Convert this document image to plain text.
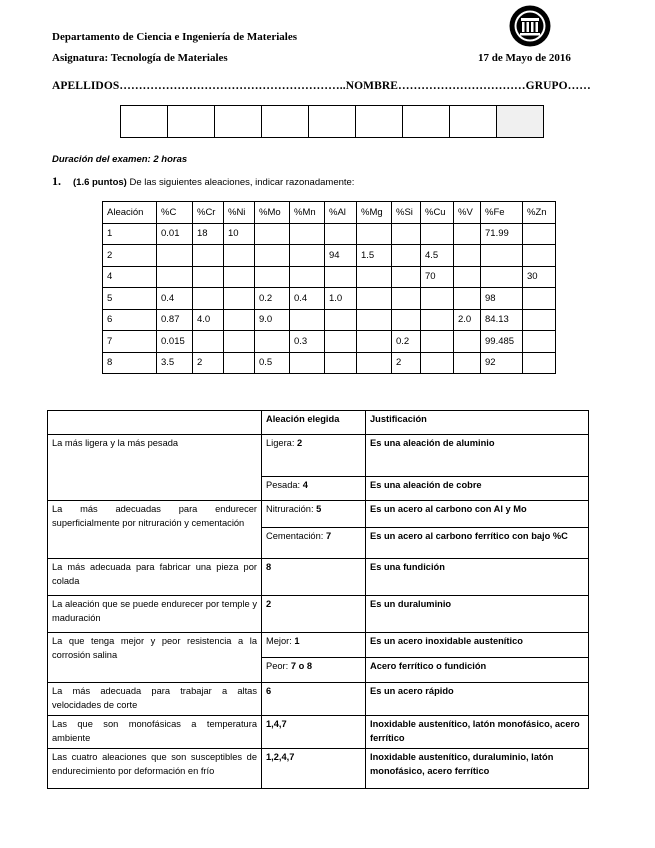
Departamento de Ciencia e Ingeniería de Materiales
Asignatura: Tecnología de Materiales	17 de Mayo de 2016
APELLIDOS…………………………………………………..NOMBRE……………………………GRUPO……

Duración del examen: 2 horas
1. (1.6 puntos) De las siguientes aleaciones, indicar razonadamente:
Aleación	%C	%Cr	%Ni	%Mo	%Mn	%Al	%Mg	%Si	%Cu	%V	%Fe	%Zn
1	0.01	18	10								71.99	
2						94	1.5		4.5			
4									70			30
5	0.4			0.2	0.4	1.0					98	
6	0.87	4.0		9.0						2.0	84.13	
7	0.015				0.3			0.2			99.485	
8	3.5	2		0.5				2			92	
	Aleación elegida	Justificación
La más ligera y la más pesada	Ligera: 2	Es una aleación de aluminio
	Pesada: 4	Es una aleación de cobre
La más adecuadas para endurecer superficialmente por nitruración y cementación	Nitruración: 5	Es un acero al carbono con Al y Mo
	Cementación: 7	Es un acero al carbono ferrítico con bajo %C
La más adecuada para fabricar una pieza por colada	8	Es una fundición
La aleación que se puede endurecer por temple y maduración	2	Es un duraluminio
La que tenga mejor y peor resistencia a la corrosión salina	Mejor: 1	Es un acero inoxidable austenítico
	Peor: 7 o 8	Acero ferrítico o fundición
La más adecuada para trabajar a altas velocidades de corte	6	Es un acero rápido
Las que son monofásicas a temperatura ambiente	1,4,7	Inoxidable austenítico, latón monofásico, acero ferrítico
Las cuatro aleaciones que son susceptibles de endurecimiento por deformación en frío	1,2,4,7	Inoxidable austenítico, duraluminio, latón monofásico, acero ferrítico
